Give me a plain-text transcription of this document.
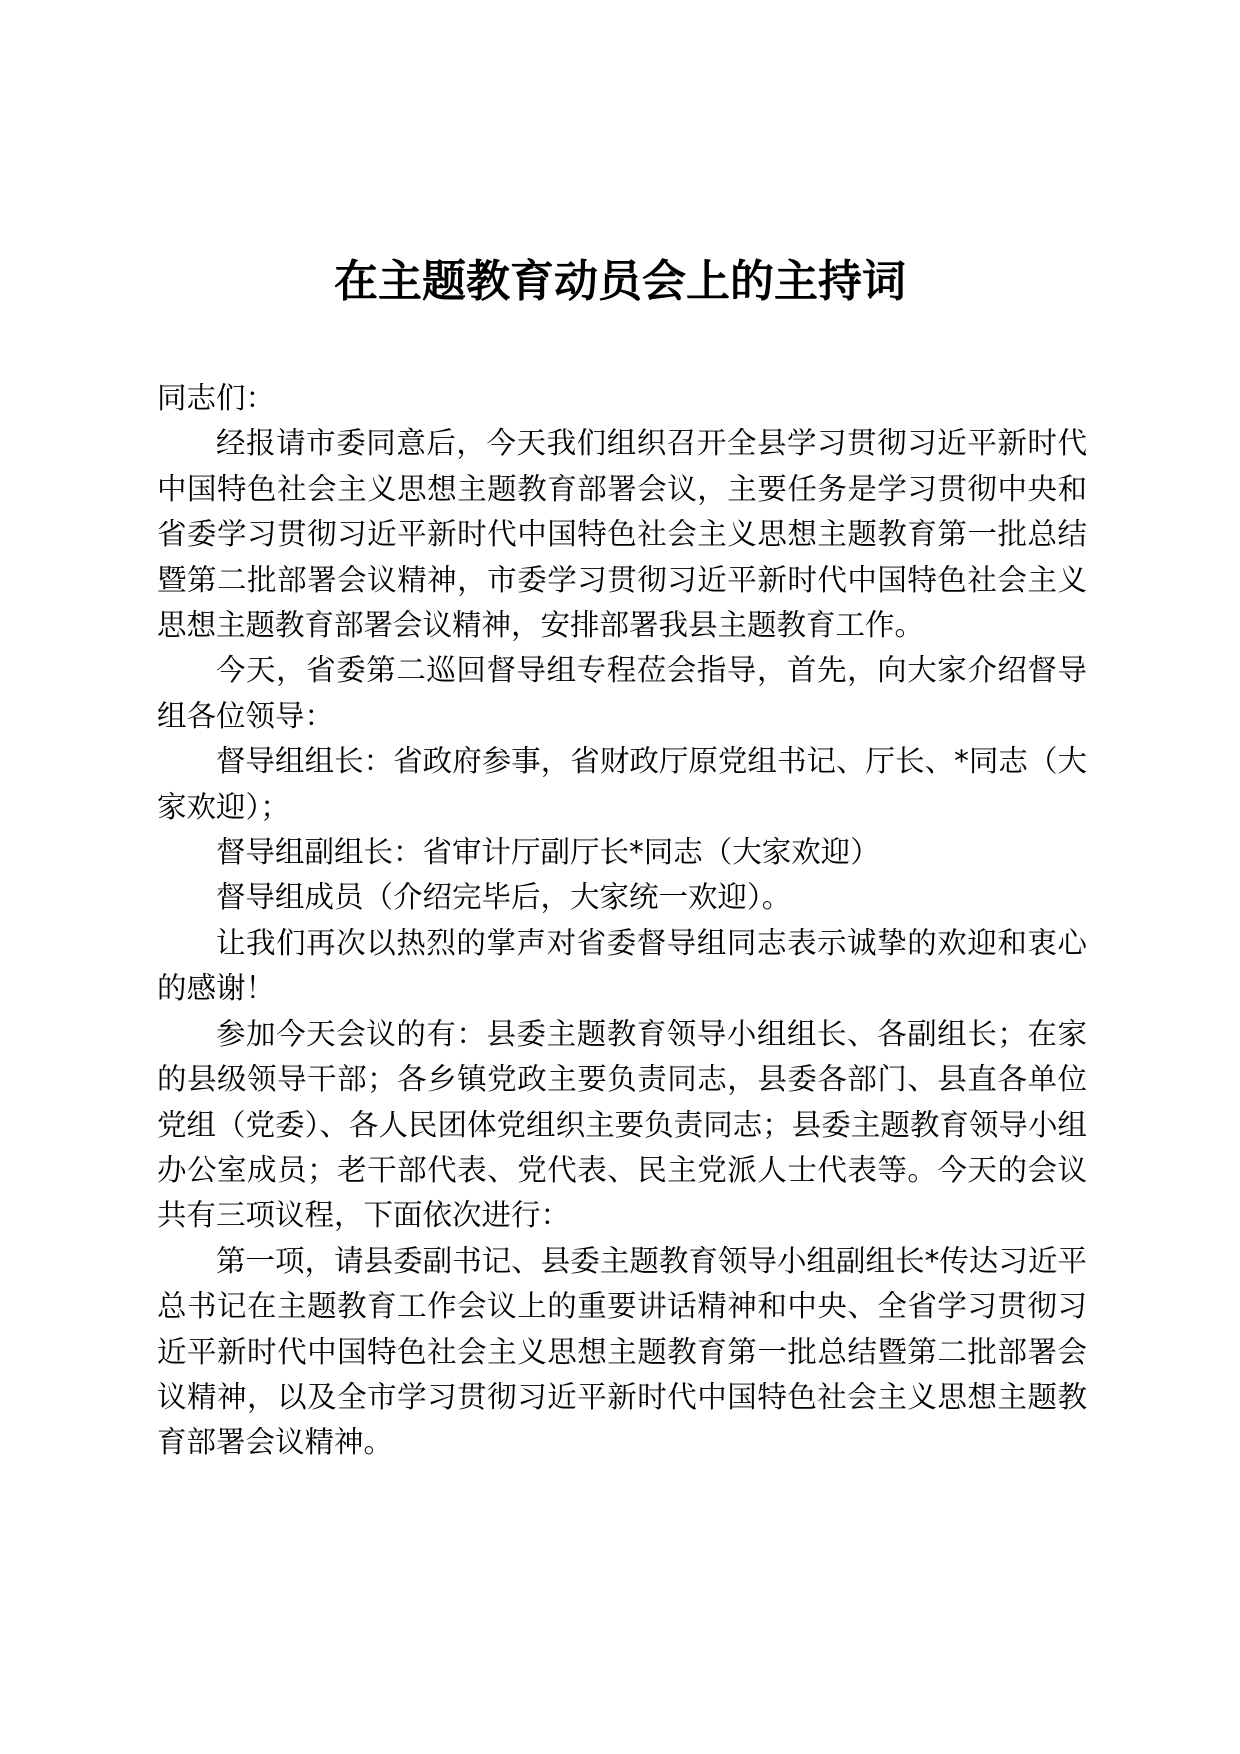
在主题教育动员会上的主持词

同志们：

经报请市委同意后，今天我们组织召开全县学习贯彻习近平新时代中国特色社会主义思想主题教育部署会议，主要任务是学习贯彻中央和省委学习贯彻习近平新时代中国特色社会主义思想主题教育第一批总结暨第二批部署会议精神，市委学习贯彻习近平新时代中国特色社会主义思想主题教育部署会议精神，安排部署我县主题教育工作。

今天，省委第二巡回督导组专程莅会指导，首先，向大家介绍督导组各位领导：

督导组组长：省政府参事，省财政厅原党组书记、厅长、*同志（大家欢迎）；

督导组副组长：省审计厅副厅长*同志（大家欢迎）

督导组成员（介绍完毕后，大家统一欢迎）。

让我们再次以热烈的掌声对省委督导组同志表示诚挚的欢迎和衷心的感谢！

参加今天会议的有：县委主题教育领导小组组长、各副组长；在家的县级领导干部；各乡镇党政主要负责同志，县委各部门、县直各单位党组（党委）、各人民团体党组织主要负责同志；县委主题教育领导小组办公室成员；老干部代表、党代表、民主党派人士代表等。今天的会议共有三项议程，下面依次进行：

第一项，请县委副书记、县委主题教育领导小组副组长*传达习近平总书记在主题教育工作会议上的重要讲话精神和中央、全省学习贯彻习近平新时代中国特色社会主义思想主题教育第一批总结暨第二批部署会议精神，以及全市学习贯彻习近平新时代中国特色社会主义思想主题教育部署会议精神。
